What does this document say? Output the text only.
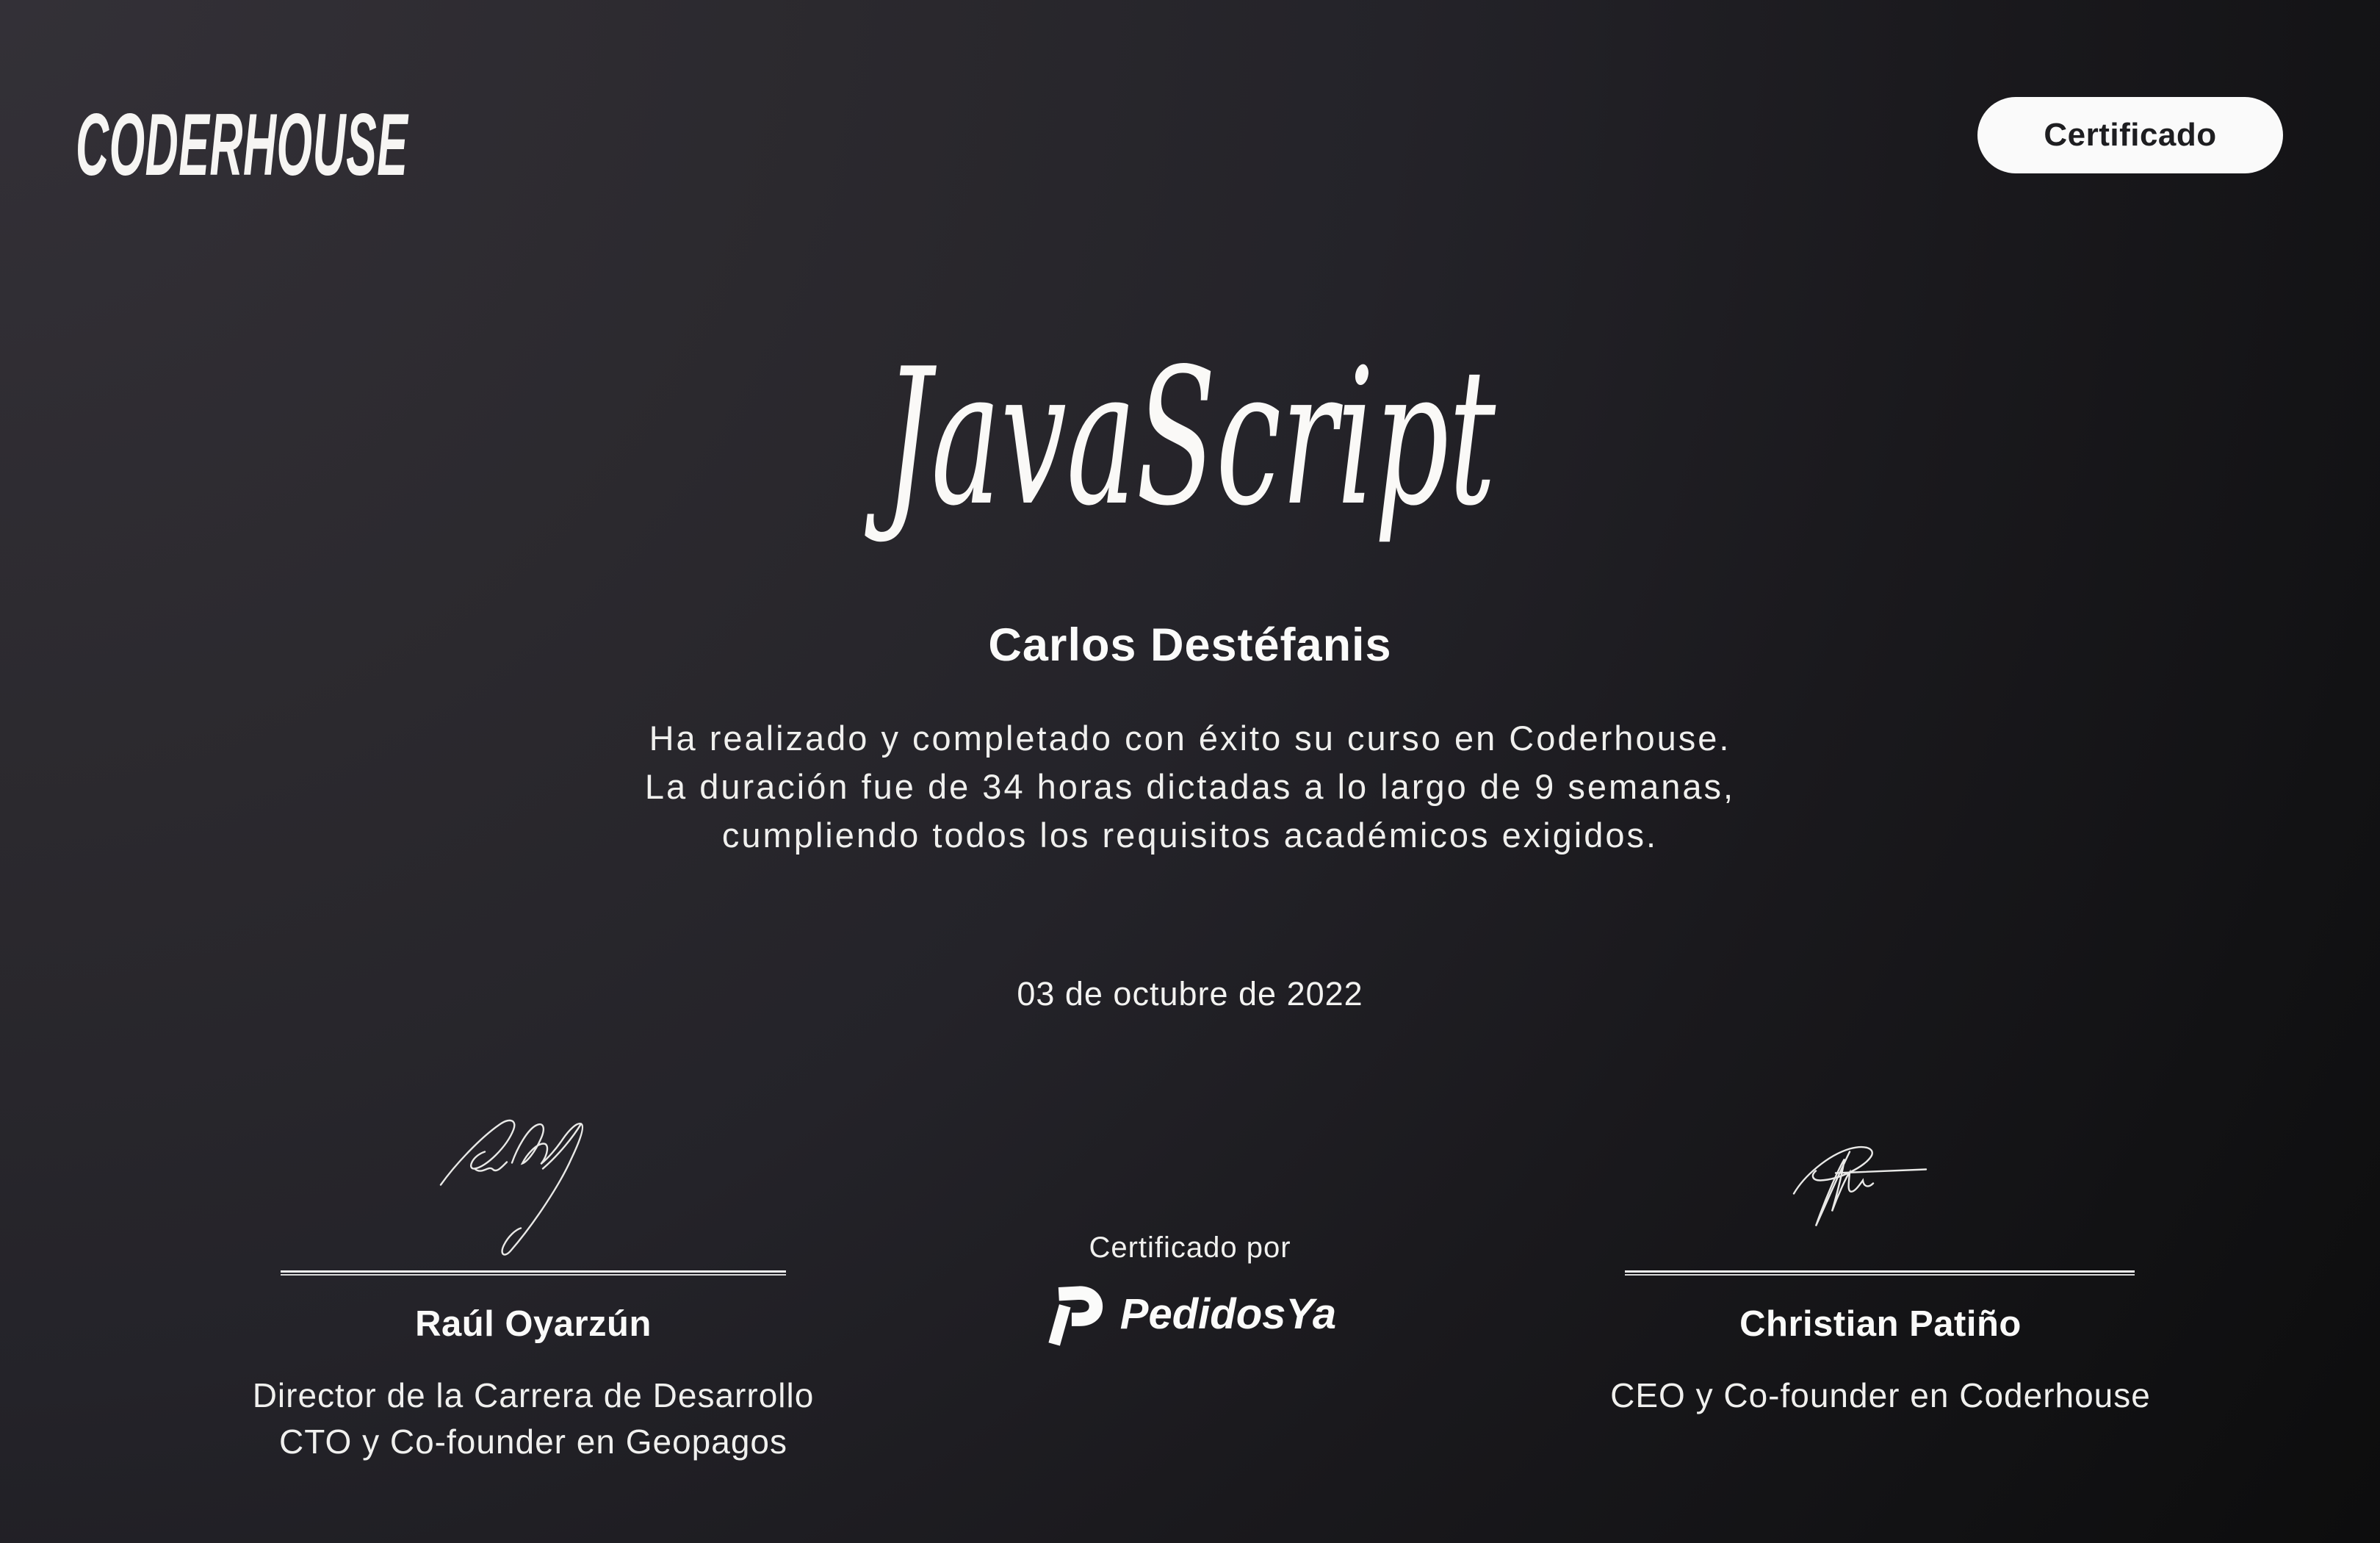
CODERHOUSE	Certificado
JavaScript
Carlos Destéfanis
Ha realizado y completado con éxito su curso en Coderhouse.
La duración fue de 34 horas dictadas a lo largo de 9 semanas,
cumpliendo todos los requisitos académicos exigidos.
03 de octubre de 2022
Raúl Oyarzún
Director de la Carrera de Desarrollo
CTO y Co-founder en Geopagos
Certificado por
PedidosYa	Christian Patiño
CEO y Co-founder en Coderhouse
